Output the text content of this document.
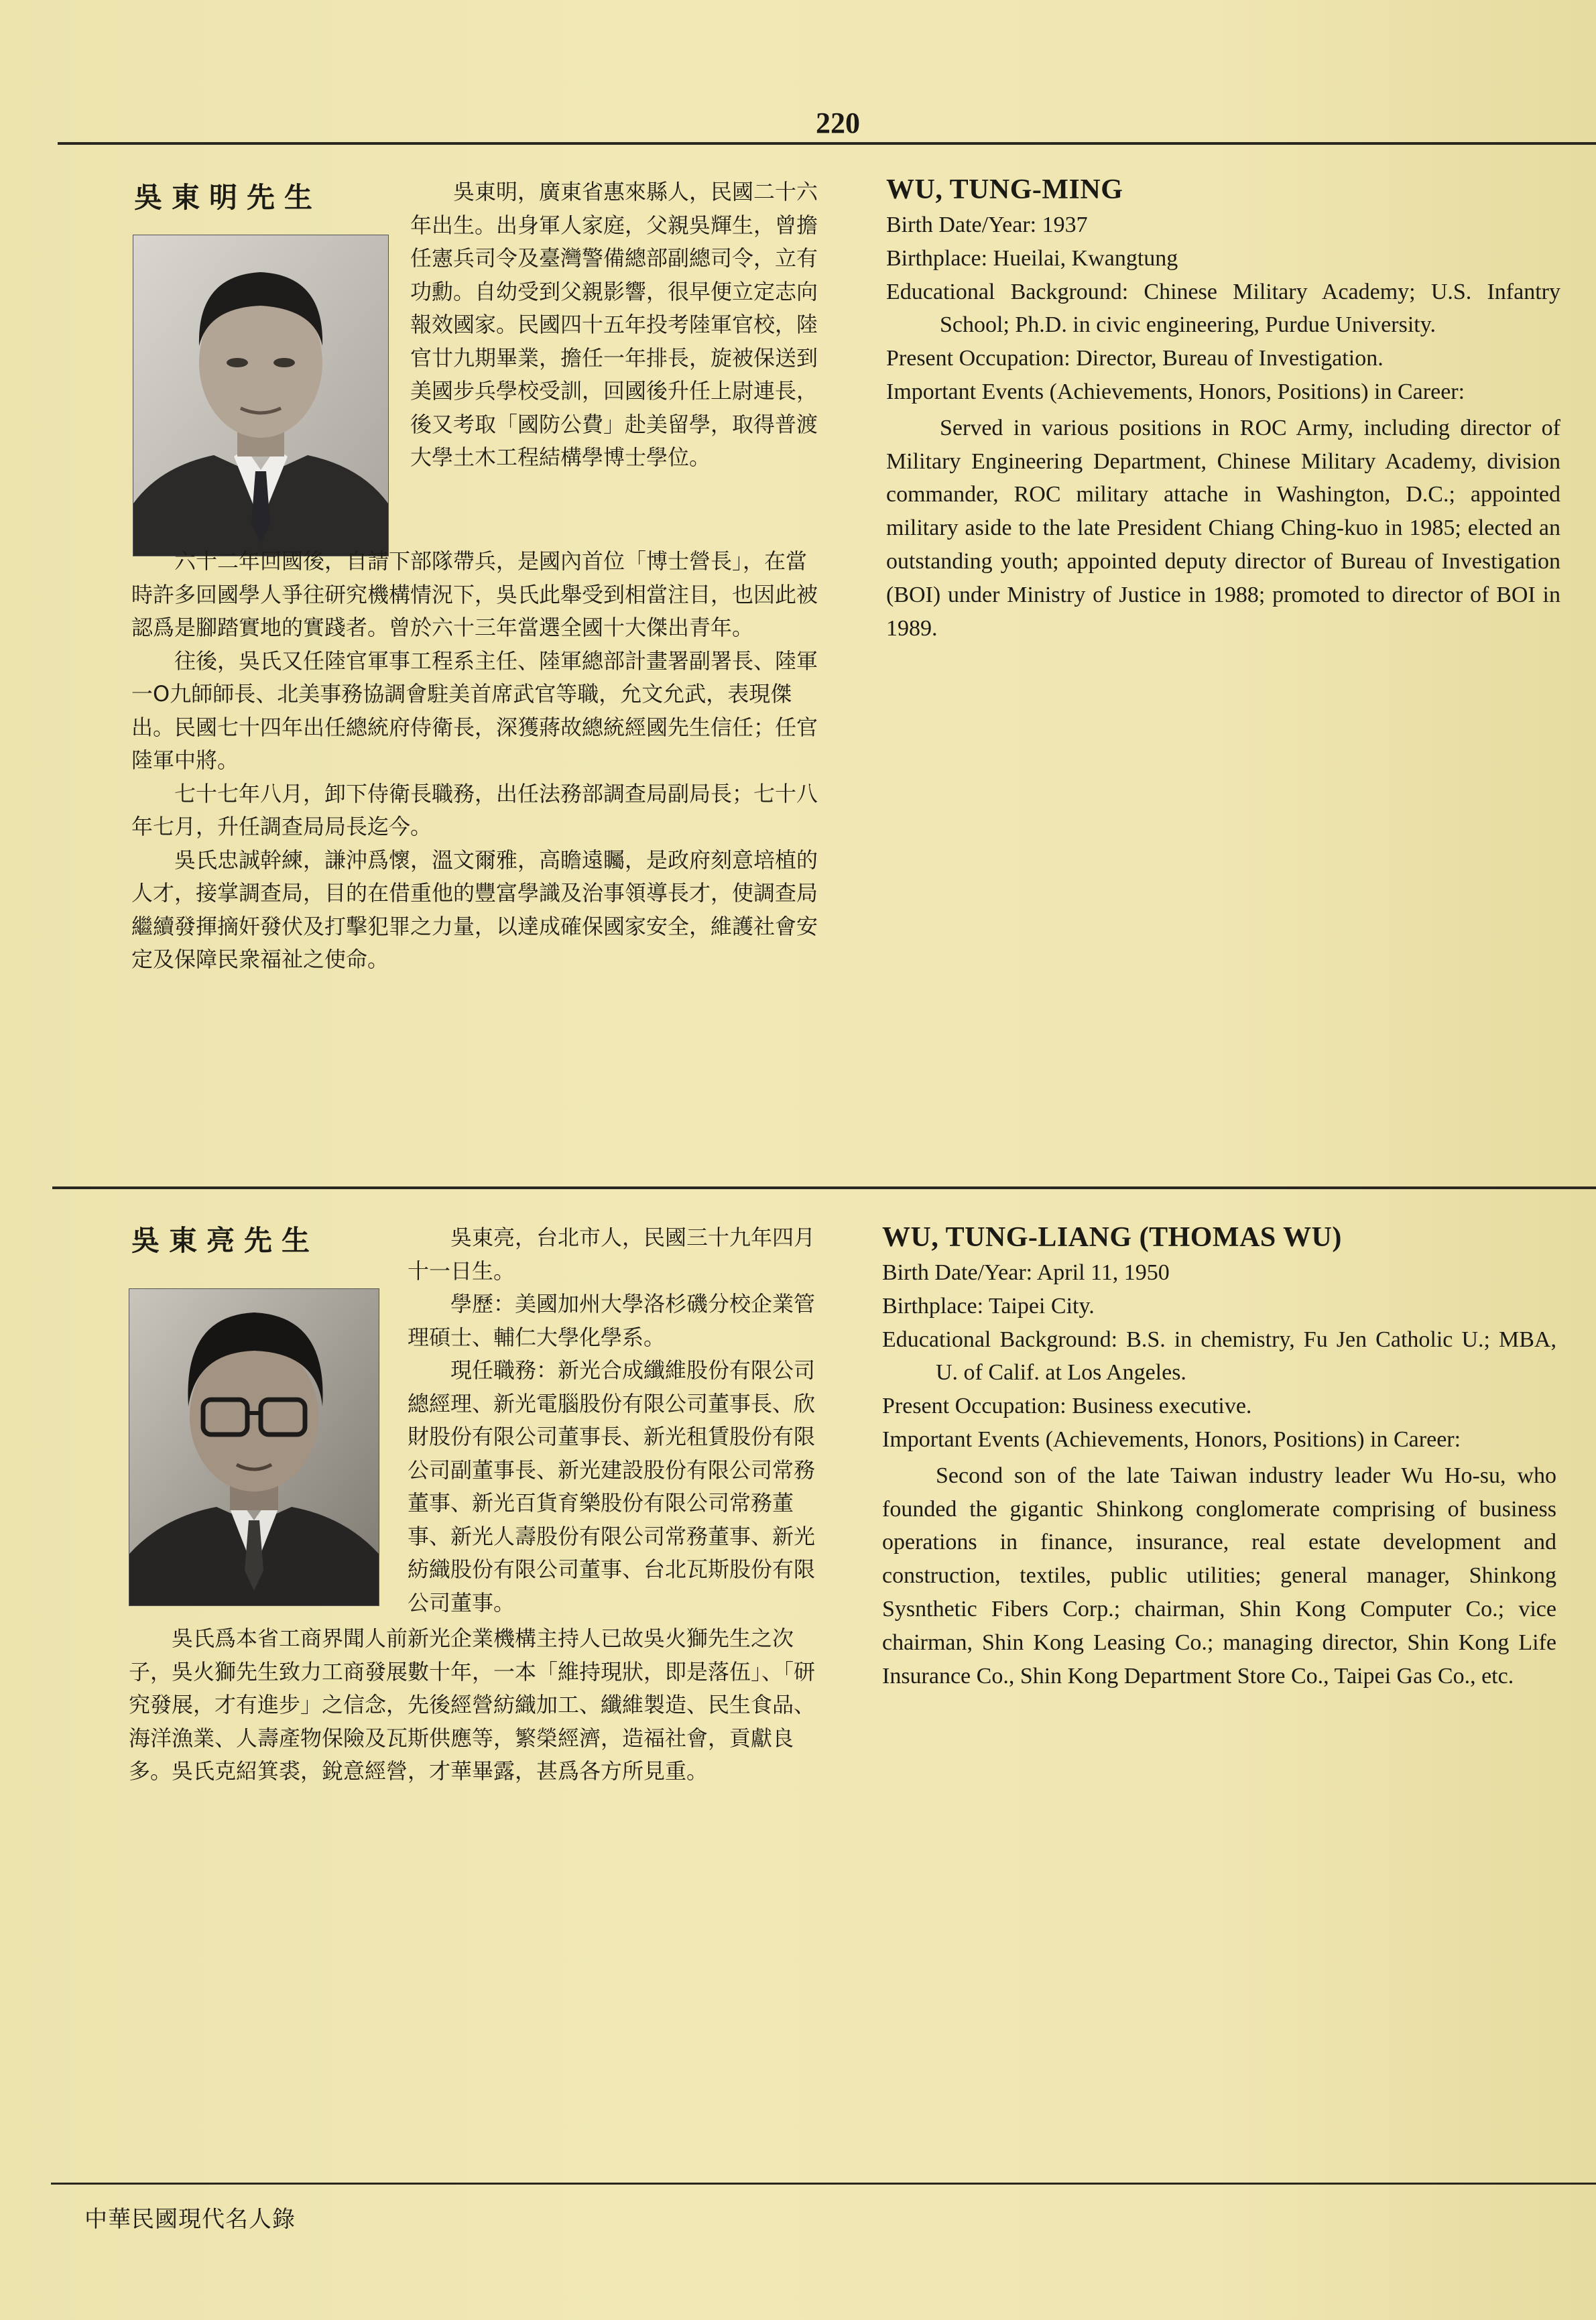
220
吳東明先生	吳東明，廣東省惠來縣人，民國二十六年出生。出身軍人家庭，父親吳輝生，曾擔任憲兵司令及臺灣警備總部副總司令，立有功勳。自幼受到父親影響，很早便立定志向報效國家。民國四十五年投考陸軍官校，陸官廿九期畢業，擔任一年排長，旋被保送到美國步兵學校受訓，回國後升任上尉連長，後又考取「國防公費」赴美留學，取得普渡大學土木工程結構學博士學位。

六十二年回國後，自請下部隊帶兵，是國內首位「博士營長」，在當時許多回國學人爭往研究機構情況下，吳氏此舉受到相當注目，也因此被認爲是腳踏實地的實踐者。曾於六十三年當選全國十大傑出青年。

往後，吳氏又任陸官軍事工程系主任、陸軍總部計畫署副署長、陸軍一O九師師長、北美事務協調會駐美首席武官等職，允文允武，表現傑出。民國七十四年出任總統府侍衛長，深獲蔣故總統經國先生信任；任官陸軍中將。

七十七年八月，卸下侍衛長職務，出任法務部調查局副局長；七十八年七月，升任調查局局長迄今。

吳氏忠誠幹練，謙沖爲懷，溫文爾雅，高瞻遠矚，是政府刻意培植的人才，接掌調查局，目的在借重他的豐富學識及治事領導長才，使調查局繼續發揮摘奸發伏及打擊犯罪之力量，以達成確保國家安全，維護社會安定及保障民衆福祉之使命。

WU, TUNG-MING
Birth Date/Year: 1937
Birthplace: Hueilai, Kwangtung
Educational Background: Chinese Military Academy; U.S. Infantry School; Ph.D. in civic engineering, Purdue University.
Present Occupation: Director, Bureau of Investigation.
Important Events (Achievements, Honors, Positions) in Career:
Served in various positions in ROC Army, including director of Military Engineering Department, Chinese Military Academy, division commander, ROC military attache in Washington, D.C.; appointed military aside to the late President Chiang Ching-kuo in 1985; elected an outstanding youth; appointed deputy director of Bureau of Investigation (BOI) under Ministry of Justice in 1988; promoted to director of BOI in 1989.
吳東亮先生	吳東亮，台北市人，民國三十九年四月十一日生。

學歷：美國加州大學洛杉磯分校企業管理碩士、輔仁大學化學系。

現任職務：新光合成纖維股份有限公司總經理、新光電腦股份有限公司董事長、欣財股份有限公司董事長、新光租賃股份有限公司副董事長、新光建設股份有限公司常務董事、新光百貨育樂股份有限公司常務董事、新光人壽股份有限公司常務董事、新光紡織股份有限公司董事、台北瓦斯股份有限公司董事。

吳氏爲本省工商界聞人前新光企業機構主持人已故吳火獅先生之次子，吳火獅先生致力工商發展數十年，一本「維持現狀，即是落伍」、「研究發展，才有進步」之信念，先後經營紡織加工、纖維製造、民生食品、海洋漁業、人壽產物保險及瓦斯供應等，繁榮經濟，造福社會，貢獻良多。吳氏克紹箕裘，銳意經營，才華畢露，甚爲各方所見重。

WU, TUNG-LIANG (THOMAS WU)
Birth Date/Year: April 11, 1950
Birthplace: Taipei City.
Educational Background: B.S. in chemistry, Fu Jen Catholic U.; MBA, U. of Calif. at Los Angeles.
Present Occupation: Business executive.
Important Events (Achievements, Honors, Positions) in Career:
Second son of the late Taiwan industry leader Wu Ho-su, who founded the gigantic Shinkong conglomerate comprising of business operations in finance, insurance, real estate development and construction, textiles, public utilities; general manager, Shinkong Sysnthetic Fibers Corp.; chairman, Shin Kong Computer Co.; vice chairman, Shin Kong Leasing Co.; managing director, Shin Kong Life Insurance Co., Shin Kong Department Store Co., Taipei Gas Co., etc.
中華民國現代名人錄
